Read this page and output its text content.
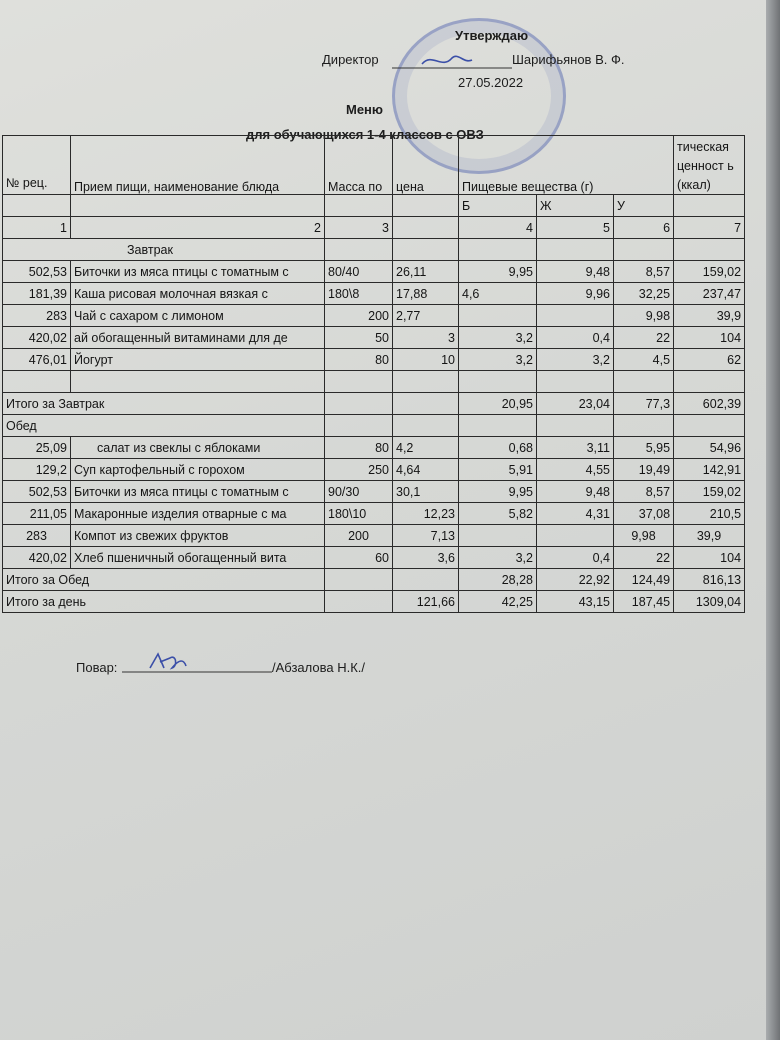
Утверждаю
Директор	Шарифьянов В. Ф.
27.05.2022
Меню
для обучающихся 1-4 классов с ОВЗ
№ рец.	Прием пищи, наименование блюда	Масса по	цена	Пищевые вещества (г)			тическая ценност ь (ккал)
				Б	Ж	У	
1	2	3		4	5	6	7
Завтрак							
502,53	Биточки из мяса птицы с томатным с	80/40	26,11	9,95	9,48	8,57	159,02
181,39	Каша рисовая молочная вязкая с	180\8	17,88	4,6	9,96	32,25	237,47
283	Чай с сахаром с лимоном	200	2,77			9,98	39,9
420,02	ай обогащенный витаминами для де	50	3	3,2	0,4	22	104
476,01	Йогурт	80	10	3,2	3,2	4,5	62

Итого за Завтрак				20,95	23,04	77,3	602,39
Обед							
25,09	салат из свеклы с яблоками	80	4,2	0,68	3,11	5,95	54,96
129,2	Суп картофельный с горохом	250	4,64	5,91	4,55	19,49	142,91
502,53	Биточки из мяса птицы с томатным с	90/30	30,1	9,95	9,48	8,57	159,02
211,05	Макаронные изделия отварные с ма	180\10	12,23	5,82	4,31	37,08	210,5
283	Компот из свежих фруктов	200	7,13			9,98	39,9
420,02	Хлеб пшеничный обогащенный вита	60	3,6	3,2	0,4	22	104
Итого за Обед				28,28	22,92	124,49	816,13
Итого за день			121,66	42,25	43,15	187,45	1309,04
Повар:	/Абзалова Н.К./
